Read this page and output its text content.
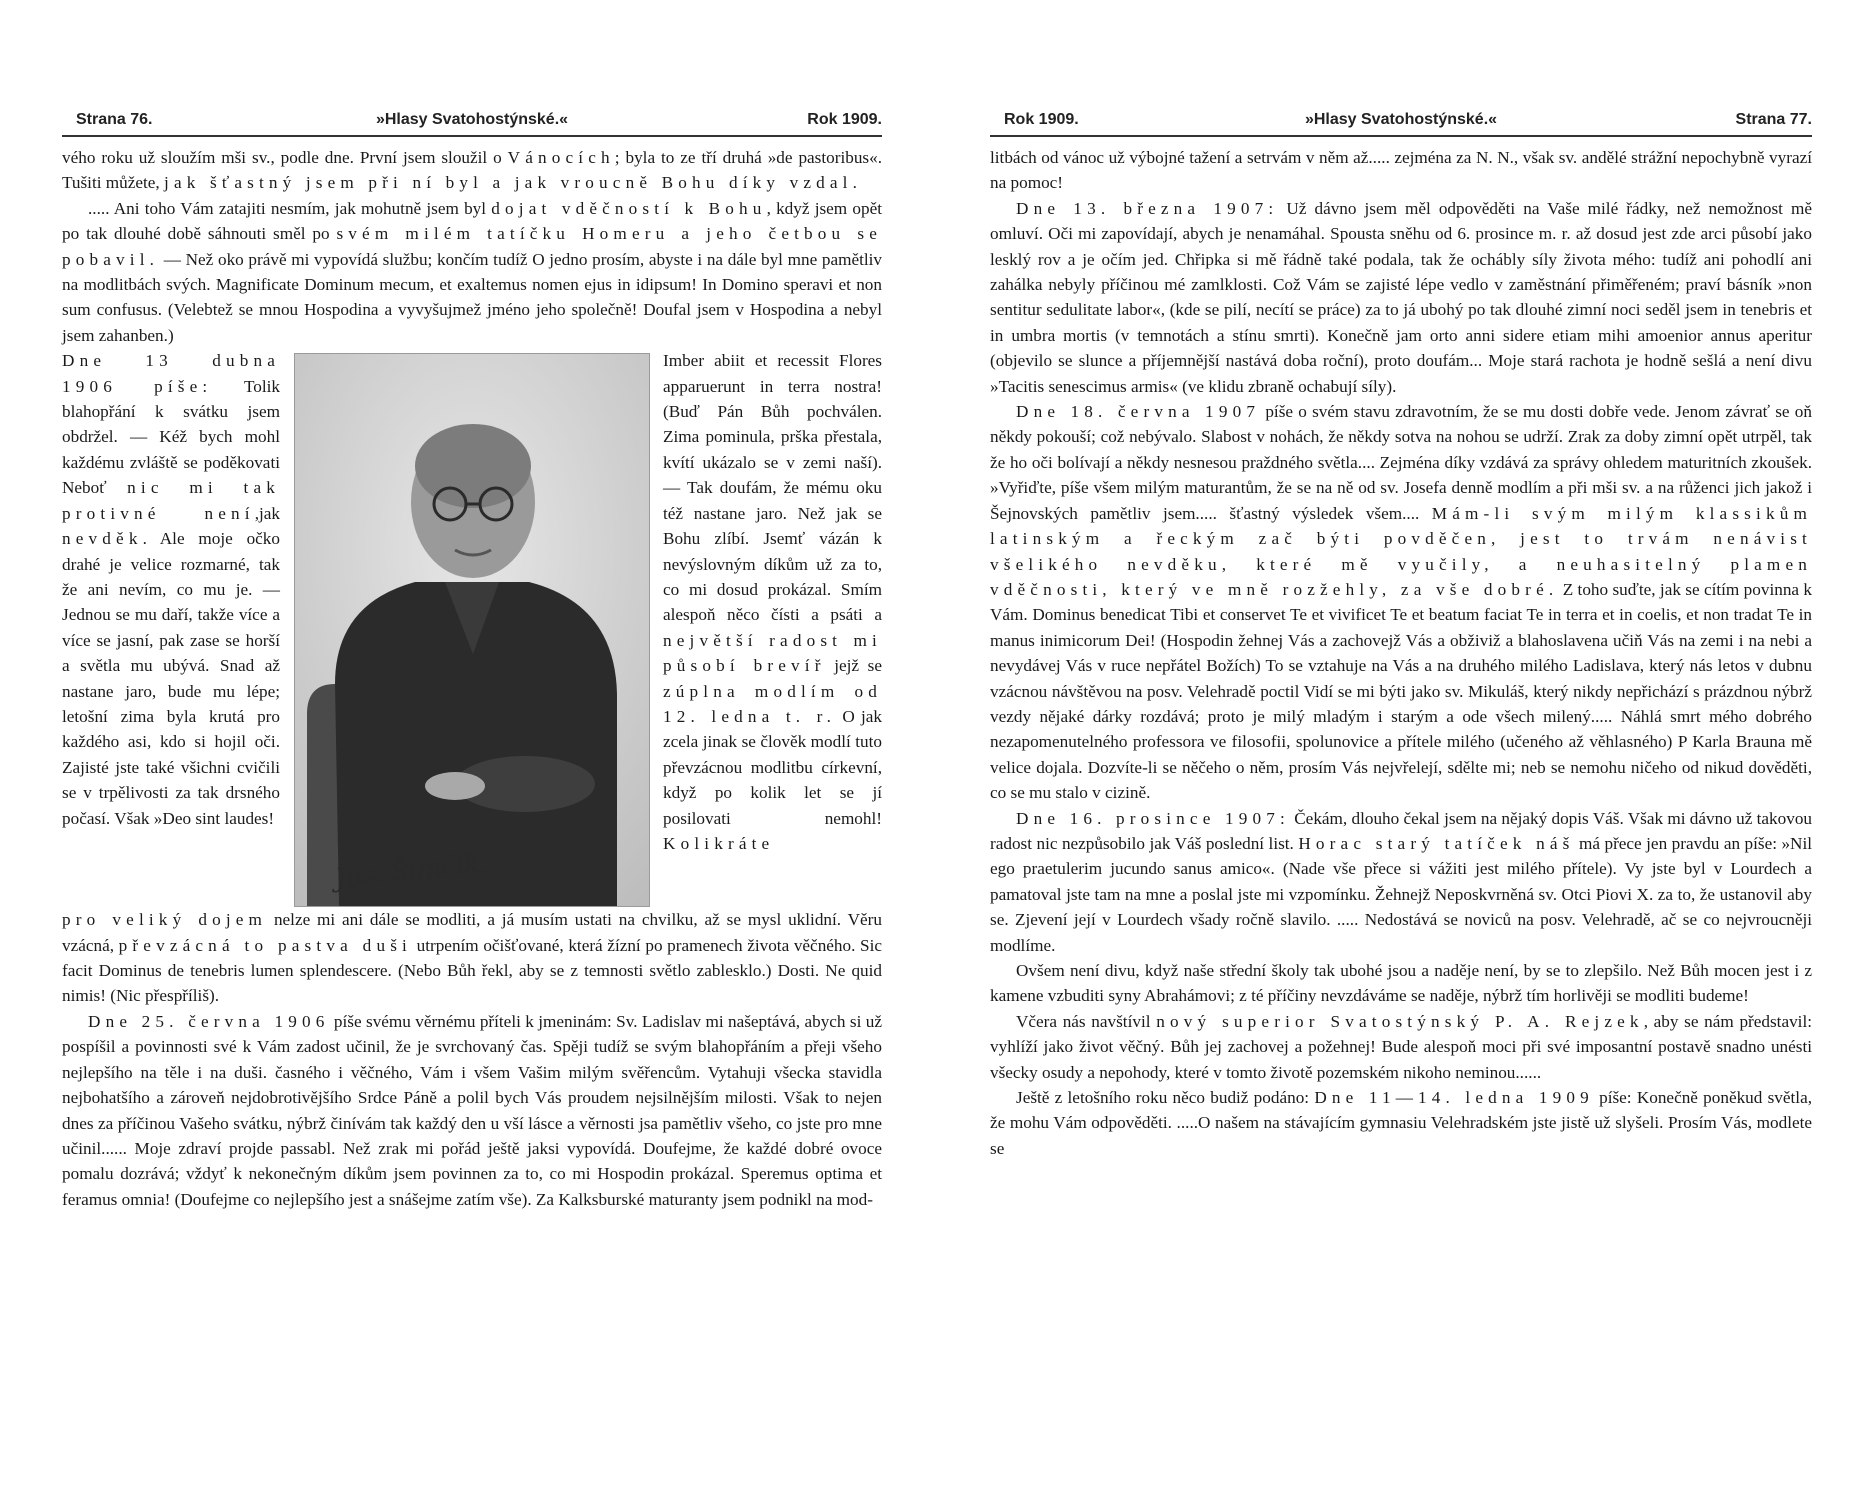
Strana 76.	»Hlasy Svatohostýnské.«	Rok 1909.

vého roku už sloužím mši sv., podle dne. První jsem sloužil o Vánocích; byla to ze tří druhá »de pastoribus«. Tušiti můžete, jak šťastný jsem při ní byl a jak vroucně Bohu díky vzdal.

..... Ani toho Vám zatajiti nesmím, jak mohutně jsem byl dojat vděčností k Bohu, když jsem opět po tak dlouhé době sáhnouti směl po svém milém tatíčku Homeru a jeho četbou se pobavil. — Než oko právě mi vypovídá službu; končím tudíž O jedno prosím, abyste i na dále byl mne pamětliv na modlitbách svých. Magnificate Dominum mecum, et exaltemus nomen ejus in idipsum! In Domino speravi et non sum confusus. (Velebtež se mnou Hospodina a vyvyšujmež jméno jeho společně! Doufal jsem v Hospodina a nebyl jsem zahanben.)

Dne 13 dubna 1906 píše: Tolik blahopřání k svátku jsem obdržel. — Kéž bych mohl každému zvláště se poděkovati Neboť nic mi tak protivné není,jak nevděk. Ale moje očko drahé je velice rozmarné, tak že ani nevím, co mu je. — Jednou se mu daří, takže více a více se jasní, pak zase se horší a světla mu ubývá. Snad až nastane jaro, bude mu lépe; letošní zima byla krutá pro každého asi, kdo si hojil oči. Zajisté jste také všichni cvičili se v trpělivosti za tak drsného počasí. Však »Deo sint laudes!
Jos. Šimčík.
Imber abiit et recessit Flores apparuerunt in terra nostra! (Buď Pán Bůh pochválen. Zima pominula, prška přestala, kvítí ukázalo se v zemi naší). — Tak doufám, že mému oku též nastane jaro. Než jak se Bohu zlíbí. Jsemť vázán k nevýslovným díkům už za to, co mi dosud prokázal. Smím alespoň něco čísti a psáti a největší radost mi působí brevíř jejž se zúplna modlím od 12. ledna t. r. O jak zcela jinak se člověk modlí tuto převzácnou modlitbu církevní, když po kolik let se jí posilovati nemohl! Kolikráte

pro veliký dojem nelze mi ani dále se modliti, a já musím ustati na chvilku, až se mysl uklidní. Věru vzácná, převzácná to pastva duši utrpením očišťované, která žízní po pramenech života věčného. Sic facit Dominus de tenebris lumen splendescere. (Nebo Bůh řekl, aby se z temnosti světlo zablesklo.) Dosti. Ne quid nimis! (Nic přespříliš).

Dne 25. června 1906 píše svému věrnému příteli k jmeninám: Sv. Ladislav mi našeptává, abych si už pospíšil a povinnosti své k Vám zadost učinil, že je svrchovaný čas. Spěji tudíž se svým blahopřáním a přeji všeho nejlepšího na těle i na duši. časného i věčného, Vám i všem Vašim milým svěřencům. Vytahuji všecka stavidla nejbohatšího a zároveň nejdobrotivějšího Srdce Páně a polil bych Vás proudem nejsilnějším milosti. Však to nejen dnes za příčinou Vašeho svátku, nýbrž činívám tak každý den u vší lásce a věrnosti jsa pamětliv všeho, co jste pro mne učinil...... Moje zdraví projde passabl. Než zrak mi pořád ještě jaksi vypovídá. Doufejme, že každé dobré ovoce pomalu dozrává; vždyť k nekonečným díkům jsem povinnen za to, co mi Hospodin prokázal. Speremus optima et feramus omnia! (Doufejme co nejlepšího jest a snášejme zatím vše). Za Kalksburské maturanty jsem podnikl na mod-

Rok 1909.	»Hlasy Svatohostýnské.«	Strana 77.

litbách od vánoc už výbojné tažení a setrvám v něm až..... zejména za N. N., však sv. andělé strážní nepochybně vyrazí na pomoc!

Dne 13. března 1907: Už dávno jsem měl odpověděti na Vaše milé řádky, než nemožnost mě omluví. Oči mi zapovídají, abych je nenamáhal. Spousta sněhu od 6. prosince m. r. až dosud jest zde arci působí jako lesklý rov a je očím jed. Chřipka si mě řádně také podala, tak že ochábly síly života mého: tudíž ani pohodlí ani zahálka nebyly příčinou mé zamlklosti. Což Vám se zajisté lépe vedlo v zaměstnání přiměřeném; praví básník »non sentitur sedulitate labor«, (kde se pilí, necítí se práce) za to já ubohý po tak dlouhé zimní noci seděl jsem in tenebris et in umbra mortis (v temnotách a stínu smrti). Konečně jam orto anni sidere etiam mihi amoenior annus aperitur (objevilo se slunce a příjemnější nastává doba roční), proto doufám... Moje stará rachota je hodně sešlá a není divu »Tacitis senescimus armis« (ve klidu zbraně ochabují síly).

Dne 18. června 1907 píše o svém stavu zdravotním, že se mu dosti dobře vede. Jenom závrať se oň někdy pokouší; což nebývalo. Slabost v nohách, že někdy sotva na nohou se udrží. Zrak za doby zimní opět utrpěl, tak že ho oči bolívají a někdy nesnesou praždného světla.... Zejména díky vzdává za správy ohledem maturitních zkoušek. »Vyřiďte, píše všem milým maturantům, že se na ně od sv. Josefa denně modlím a při mši sv. a na růženci jich jakož i Šejnovských pamětliv jsem..... šťastný výsledek všem.... Mám-li svým milým klassikům latinským a řeckým zač býti povděčen, jest to trvám nenávist všelikého nevděku, které mě vyučily, a neuhasitelný plamen vděčnosti, který ve mně rozžehly, za vše dobré. Z toho suďte, jak se cítím povinna k Vám. Dominus benedicat Tibi et conservet Te et vivificet Te et beatum faciat Te in terra et in coelis, et non tradat Te in manus inimicorum Dei! (Hospodin žehnej Vás a zachovejž Vás a obživiž a blahoslavena učiň Vás na zemi i na nebi a nevydávej Vás v ruce nepřátel Božích) To se vztahuje na Vás a na druhého milého Ladislava, který nás letos v dubnu vzácnou návštěvou na posv. Velehradě poctil Vidí se mi býti jako sv. Mikuláš, který nikdy nepřichází s prázdnou nýbrž vezdy nějaké dárky rozdává; proto je milý mladým i starým a ode všech milený..... Náhlá smrt mého dobrého nezapomenutelného professora ve filosofii, spolunovice a přítele milého (učeného až věhlasného) P Karla Brauna mě velice dojala. Dozvíte-li se něčeho o něm, prosím Vás nejvřelejí, sdělte mi; neb se nemohu ničeho od nikud dověděti, co se mu stalo v cizině.

Dne 16. prosince 1907: Čekám, dlouho čekal jsem na nějaký dopis Váš. Však mi dávno už takovou radost nic nezpůsobilo jak Váš poslední list. Horac starý tatíček náš má přece jen pravdu an píše: »Nil ego praetulerim jucundo sanus amico«. (Nade vše přece si vážiti jest milého přítele). Vy jste byl v Lourdech a pamatoval jste tam na mne a poslal jste mi vzpomínku. Žehnejž Neposkvrněná sv. Otci Piovi X. za to, že ustanovil aby se. Zjevení její v Lourdech všady ročně slavilo. ..... Nedostává se noviců na posv. Velehradě, ač se co nejvroucněji modlíme.

Ovšem není divu, když naše střední školy tak ubohé jsou a naděje není, by se to zlepšilo. Než Bůh mocen jest i z kamene vzbuditi syny Abrahámovi; z té příčiny nevzdáváme se naděje, nýbrž tím horlivěji se modliti budeme!

Včera nás navštívil nový superior Svatostýnský P. A. Rejzek, aby se nám představil: vyhlíží jako život věčný. Bůh jej zachovej a požehnej! Bude alespoň moci při své imposantní postavě snadno unésti všecky osudy a nepohody, které v tomto životě pozemském nikoho neminou......

Ještě z letošního roku něco budiž podáno: Dne 11—14. ledna 1909 píše: Konečně poněkud světla, že mohu Vám odpověděti. .....O našem na stávajícím gymnasiu Velehradském jste jistě už slyšeli. Prosím Vás, modlete se
